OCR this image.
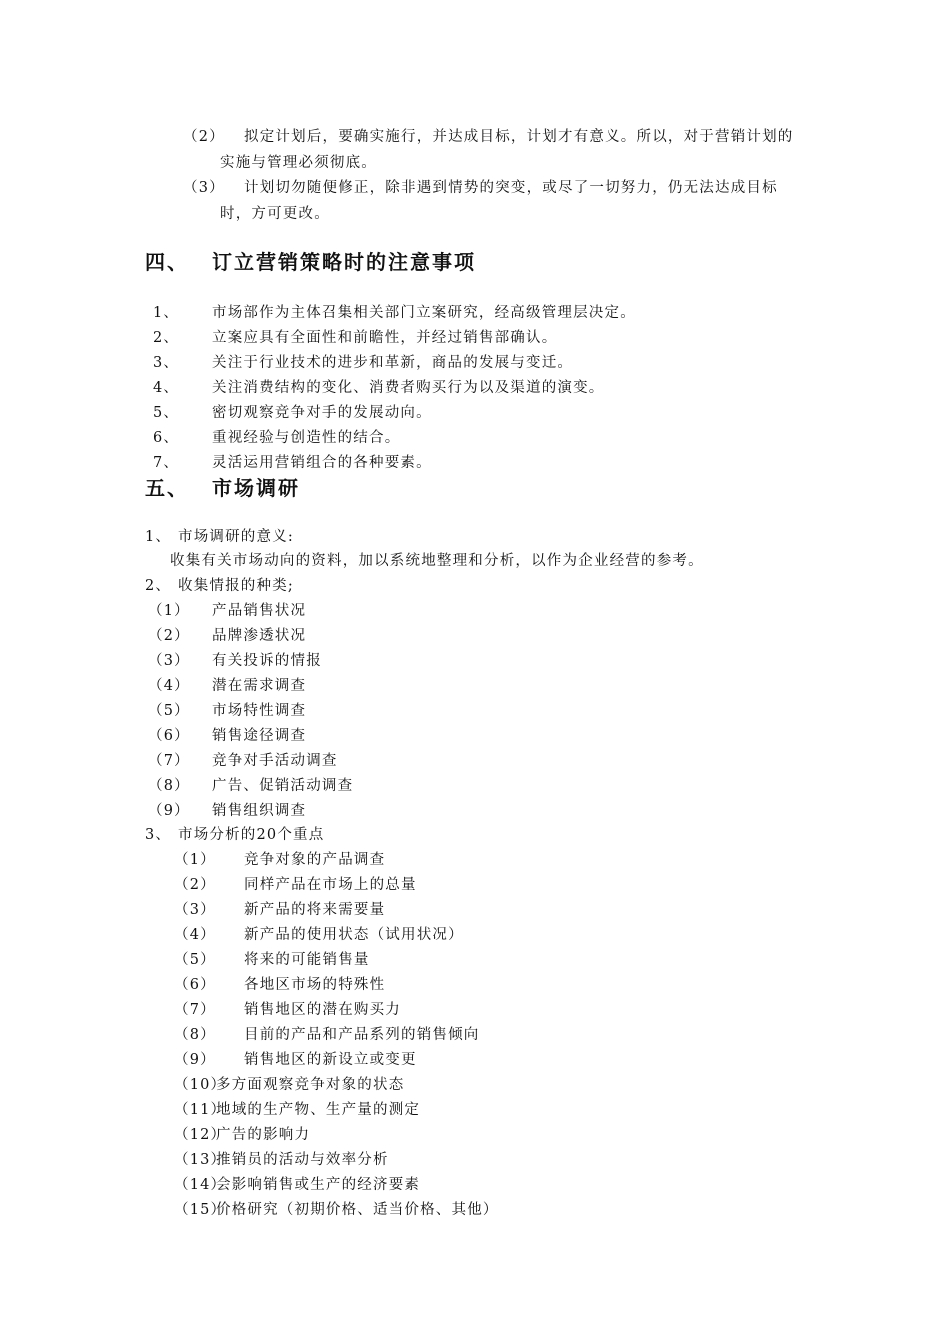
（2） 拟定计划后，要确实施行，并达成目标，计划才有意义。所以，对于营销计划的
实施与管理必须彻底。
（3） 计划切勿随便修正，除非遇到情势的突变，或尽了一切努力，仍无法达成目标
时，方可更改。
四、 订立营销策略时的注意事项
1、 市场部作为主体召集相关部门立案研究，经高级管理层决定。
2、 立案应具有全面性和前瞻性，并经过销售部确认。
3、 关注于行业技术的进步和革新，商品的发展与变迁。
4、 关注消费结构的变化、消费者购买行为以及渠道的演变。
5、 密切观察竞争对手的发展动向。
6、 重视经验与创造性的结合。
7、 灵活运用营销组合的各种要素。
五、 市场调研
1、 市场调研的意义:
收集有关市场动向的资料，加以系统地整理和分析，以作为企业经营的参考。
2、 收集情报的种类;
（1） 产品销售状况
（2） 品牌渗透状况
（3） 有关投诉的情报
（4） 潜在需求调查
（5） 市场特性调查
（6） 销售途径调查
（7） 竞争对手活动调查
（8） 广告、促销活动调查
（9） 销售组织调查
3、 市场分析的20个重点
（1） 竞争对象的产品调查
（2） 同样产品在市场上的总量
（3） 新产品的将来需要量
（4） 新产品的使用状态（试用状况）
（5） 将来的可能销售量
（6） 各地区市场的特殊性
（7） 销售地区的潜在购买力
（8） 目前的产品和产品系列的销售倾向
（9） 销售地区的新设立或变更
（10）
多方面观察竞争对象的状态
（11）
地域的生产物、生产量的测定
（12）
广告的影响力
（13）
推销员的活动与效率分析
（14）
会影响销售或生产的经济要素
（15）
价格研究（初期价格、适当价格、其他）
